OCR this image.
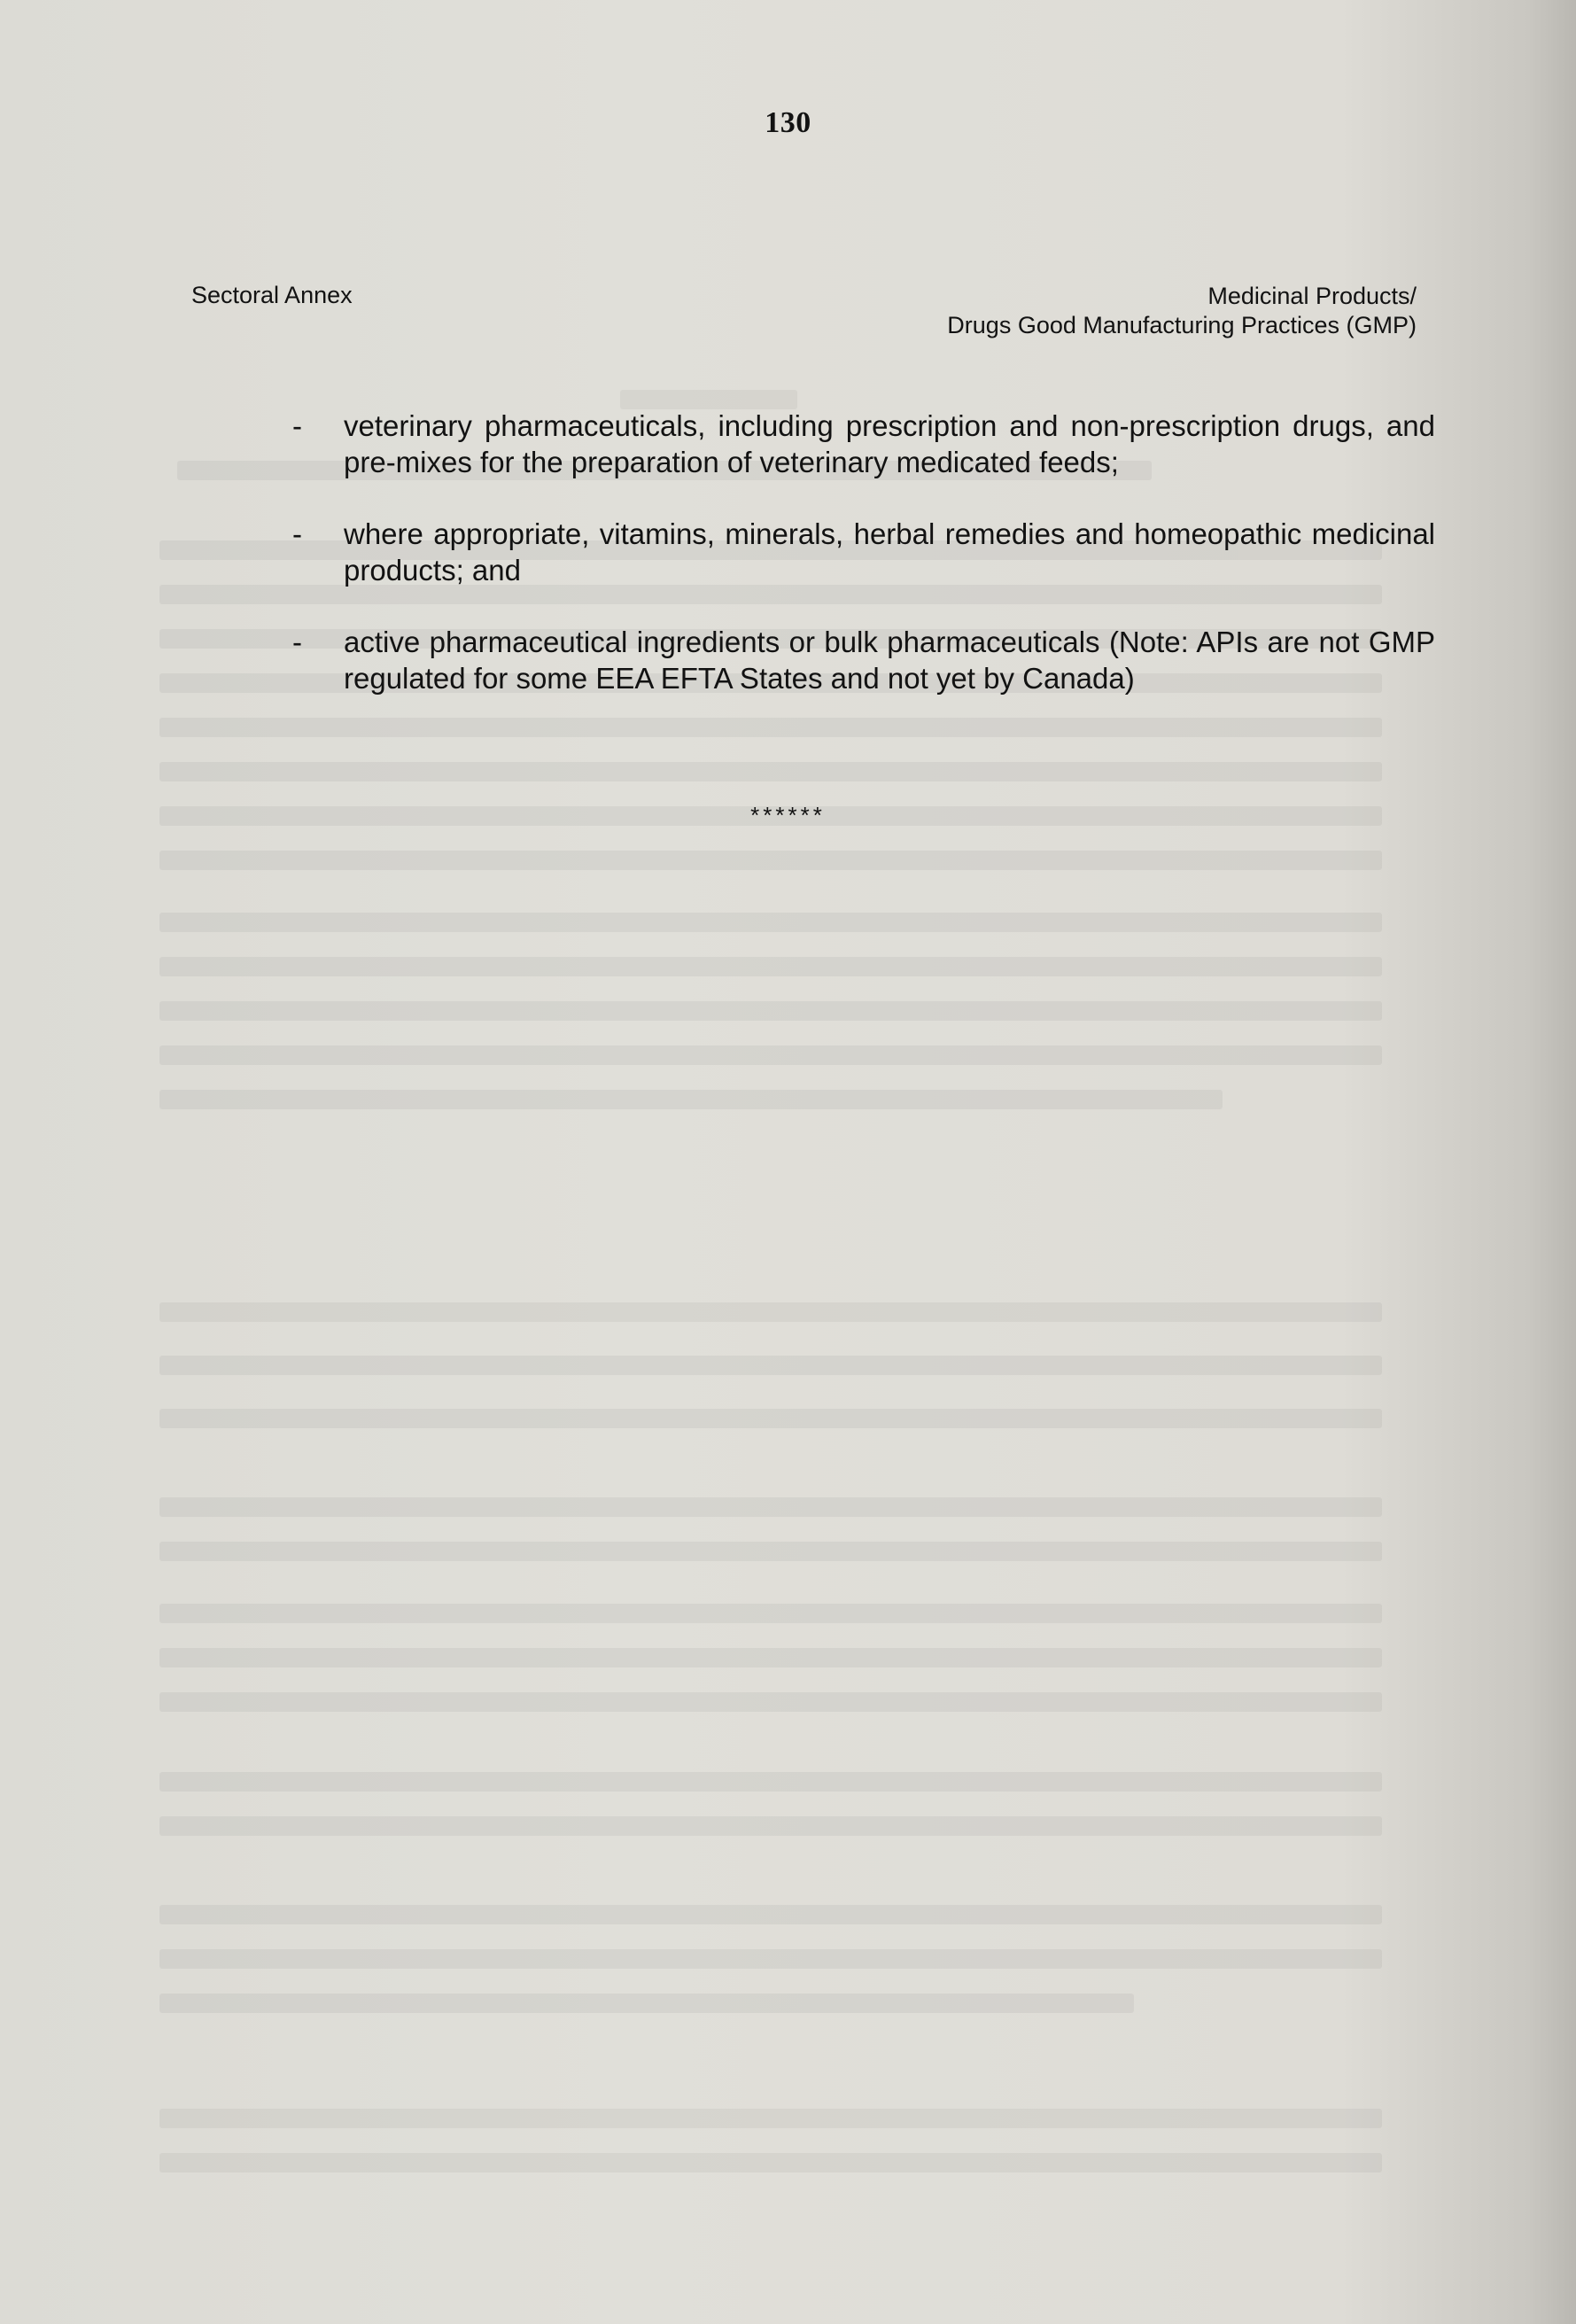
130
Sectoral Annex	Medicinal Products/
Drugs Good Manufacturing Practices (GMP)
- veterinary pharmaceuticals, including prescription and non-prescription drugs, and pre-mixes for the preparation of veterinary medicated feeds;
- where appropriate, vitamins, minerals, herbal remedies and homeopathic medicinal products; and
- active pharmaceutical ingredients or bulk pharmaceuticals (Note: APIs are not GMP regulated for some EEA EFTA States and not yet by Canada)
******
